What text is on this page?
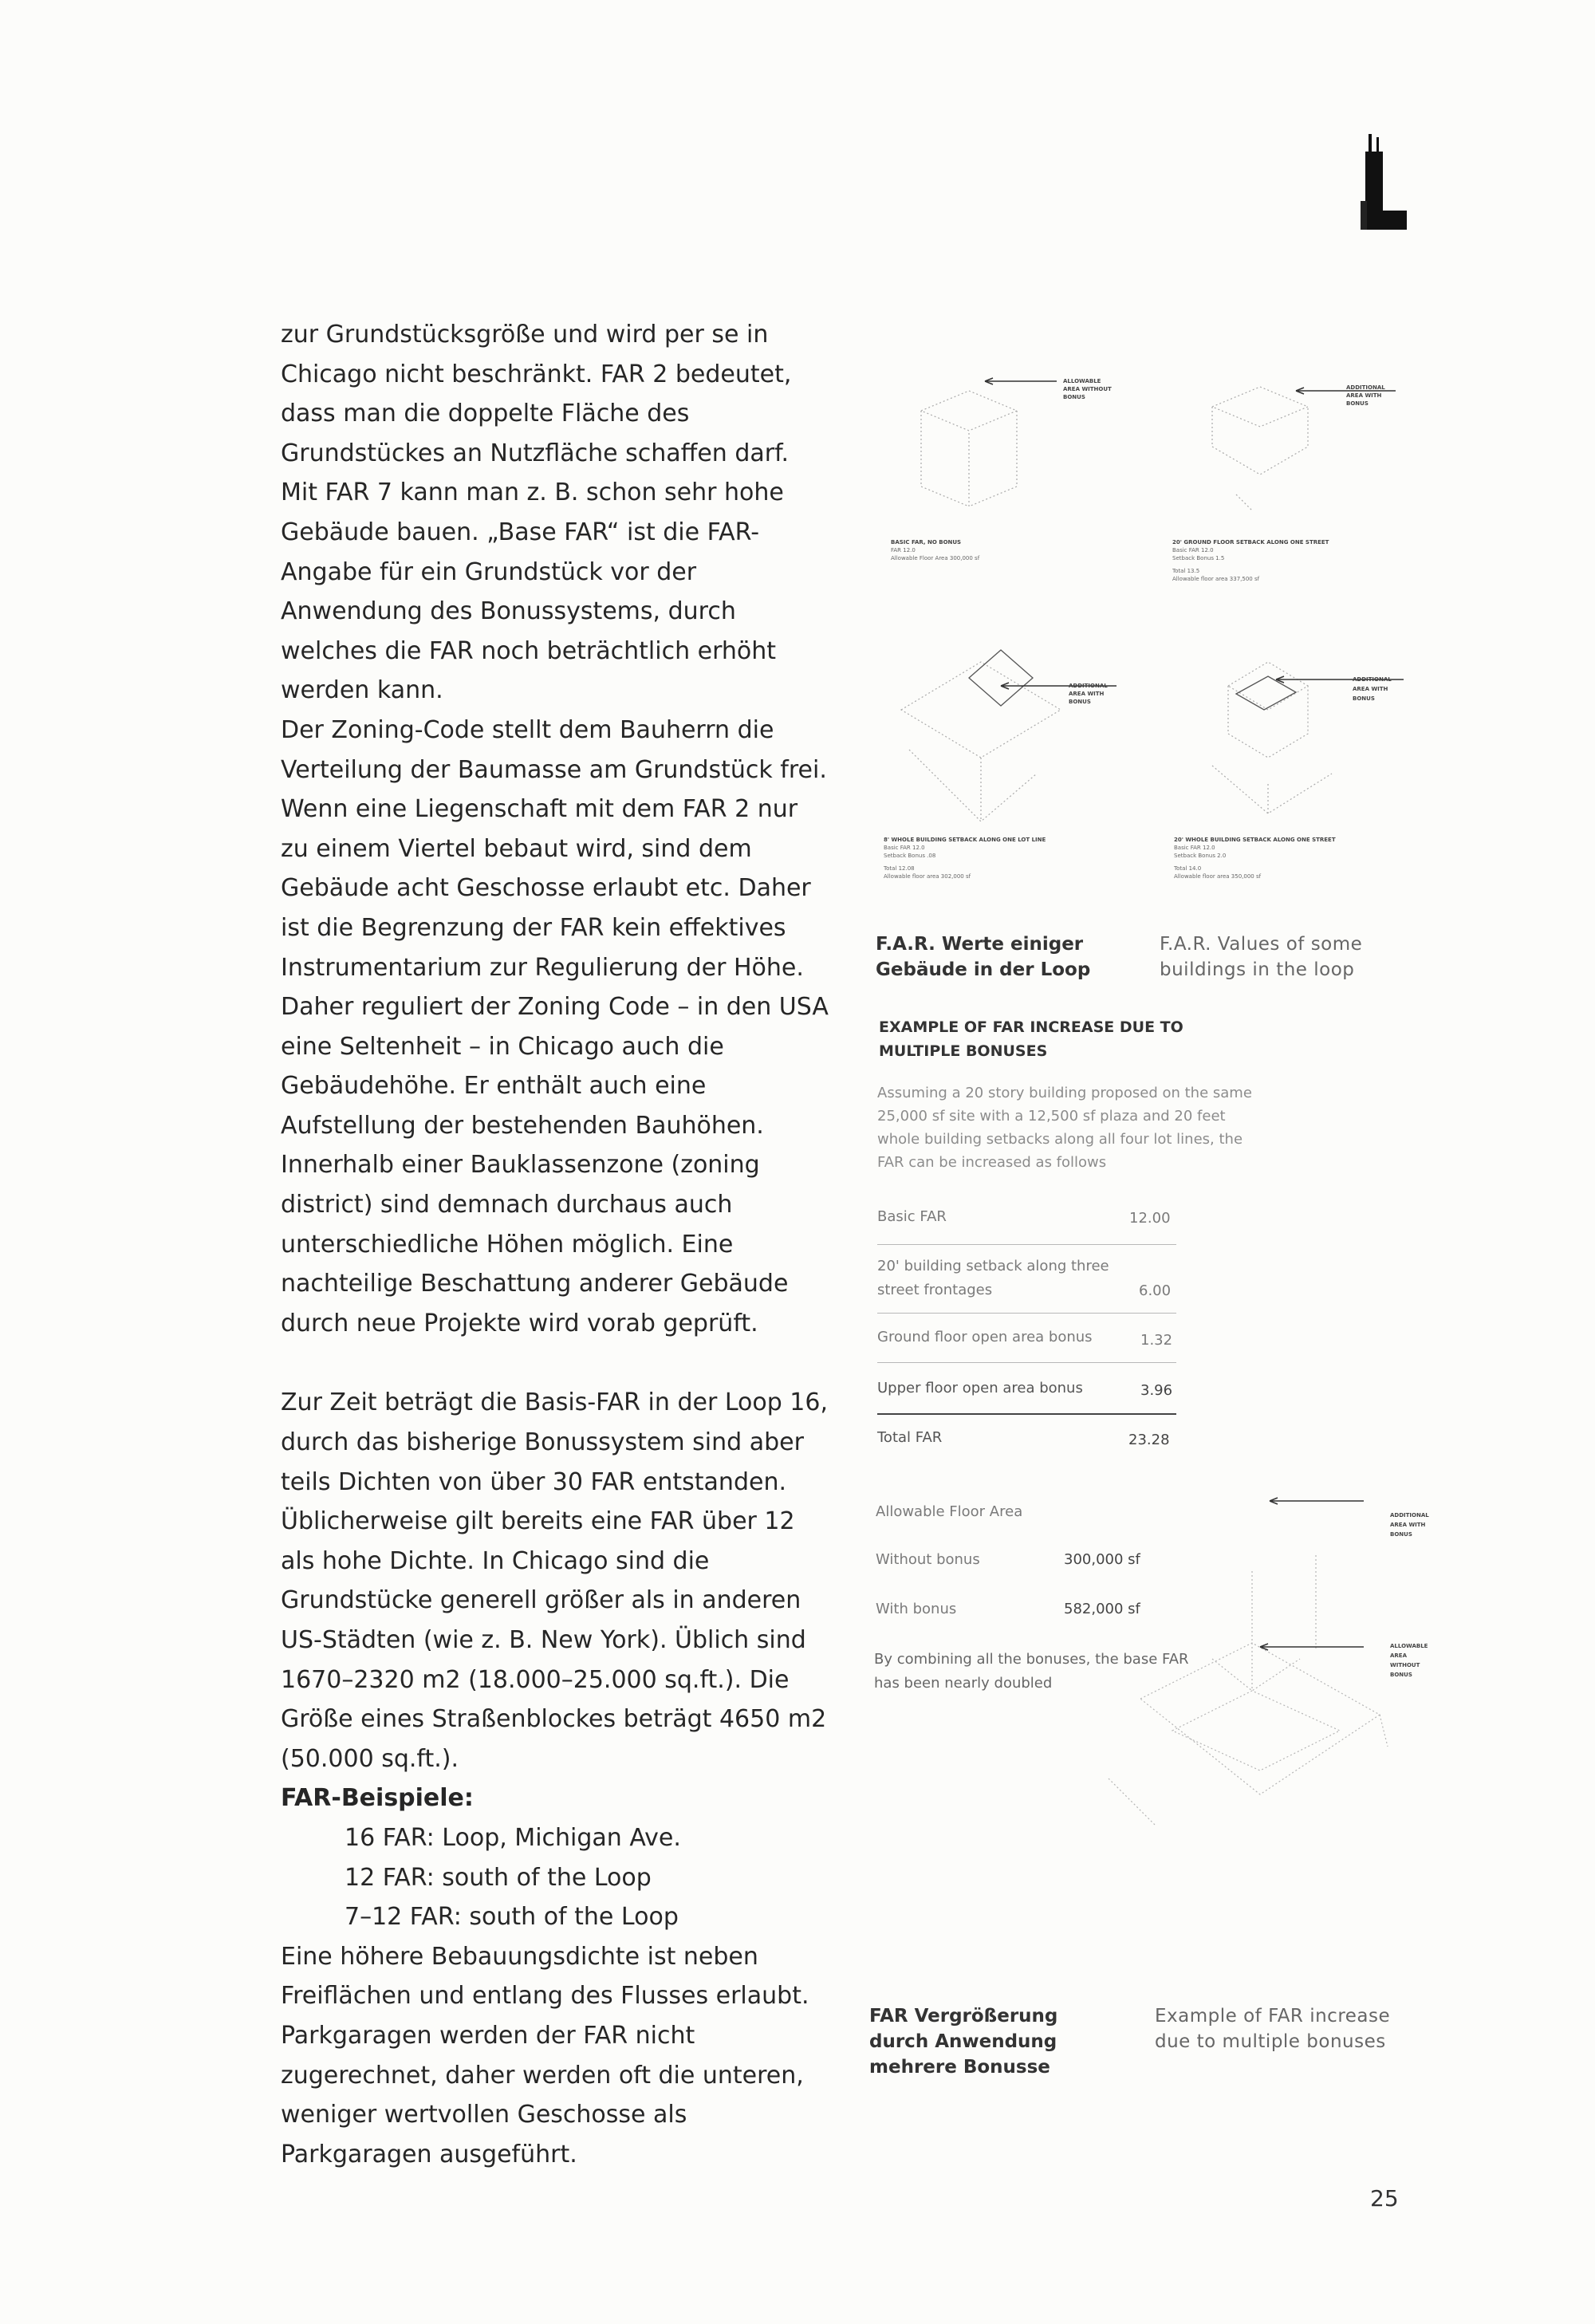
zur Grundstücksgröße und wird per se in Chicago nicht beschränkt. FAR 2 bedeutet, dass man die doppelte Fläche des Grundstückes an Nutzfläche schaffen darf. Mit FAR 7 kann man z. B. schon sehr hohe Gebäude bauen. „Base FAR“ ist die FAR-Angabe für ein Grundstück vor der Anwendung des Bonussystems, durch welches die FAR noch beträchtlich erhöht werden kann.

Der Zoning-Code stellt dem Bauherrn die Verteilung der Baumasse am Grundstück frei. Wenn eine Liegenschaft mit dem FAR 2 nur zu einem Viertel bebaut wird, sind dem Gebäude acht Geschosse erlaubt etc. Daher ist die Begrenzung der FAR kein effektives Instrumentarium zur Regulierung der Höhe. Daher reguliert der Zoning Code – in den USA eine Seltenheit – in Chicago auch die Gebäudehöhe. Er enthält auch eine Aufstellung der bestehenden Bauhöhen. Innerhalb einer Bauklassenzone (zoning district) sind demnach durchaus auch unterschiedliche Höhen möglich. Eine nachteilige Beschattung anderer Gebäude durch neue Projekte wird vorab geprüft.

Zur Zeit beträgt die Basis-FAR in der Loop 16, durch das bisherige Bonussystem sind aber teils Dichten von über 30 FAR entstanden. Üblicherweise gilt bereits eine FAR über 12 als hohe Dichte. In Chicago sind die Grundstücke generell größer als in anderen US-Städten (wie z. B. New York). Üblich sind 1670–2320 m2 (18.000–25.000 sq.ft.). Die Größe eines Straßenblockes beträgt 4650 m2 (50.000 sq.ft.).

FAR-Beispiele:

16 FAR: Loop, Michigan Ave.

12 FAR: south of the Loop

7–12 FAR: south of the Loop

Eine höhere Bebauungsdichte ist neben Freiflächen und entlang des Flusses erlaubt. Parkgaragen werden der FAR nicht zugerechnet, daher werden oft die unteren, weniger wertvollen Geschosse als Parkgaragen ausgeführt.

ALLOWABLE
AREA WITHOUT
BONUS
BASIC FAR, NO BONUS
FAR 12.0
Allowable Floor Area 300,000 sf
ADDITIONAL
AREA WITH
BONUS
20' GROUND FLOOR SETBACK ALONG ONE STREET
Basic FAR 12.0
Setback Bonus 1.5
Total 13.5
Allowable floor area 337,500 sf
ADDITIONAL
AREA WITH
BONUS
8' WHOLE BUILDING SETBACK ALONG ONE LOT LINE
Basic FAR 12.0
Setback Bonus .08
Total 12.08
Allowable floor area 302,000 sf
ADDITIONAL
AREA WITH
BONUS
20' WHOLE BUILDING SETBACK ALONG ONE STREET
Basic FAR 12.0
Setback Bonus 2.0
Total 14.0
Allowable floor area 350,000 sf
F.A.R. Werte einiger Gebäude in der Loop
F.A.R. Values of some buildings in the loop
EXAMPLE OF FAR INCREASE DUE TO MULTIPLE BONUSES
Assuming a 20 story building proposed on the same 25,000 sf site with a 12,500 sf plaza and 20 feet whole building setbacks along all four lot lines, the FAR can be increased as follows
Basic FAR	12.00
20' building setback along three street frontages	6.00
Ground floor open area bonus	1.32
Upper floor open area bonus	3.96
Total FAR	23.28
Allowable Floor Area
Without bonus	300,000 sf
With bonus	582,000 sf
By combining all the bonuses, the base FAR has been nearly doubled
ADDITIONAL
AREA WITH
BONUS
ALLOWABLE
AREA
WITHOUT
BONUS
FAR Vergrößerung durch Anwendung mehrere Bonusse
Example of FAR increase due to multiple bonuses
25
